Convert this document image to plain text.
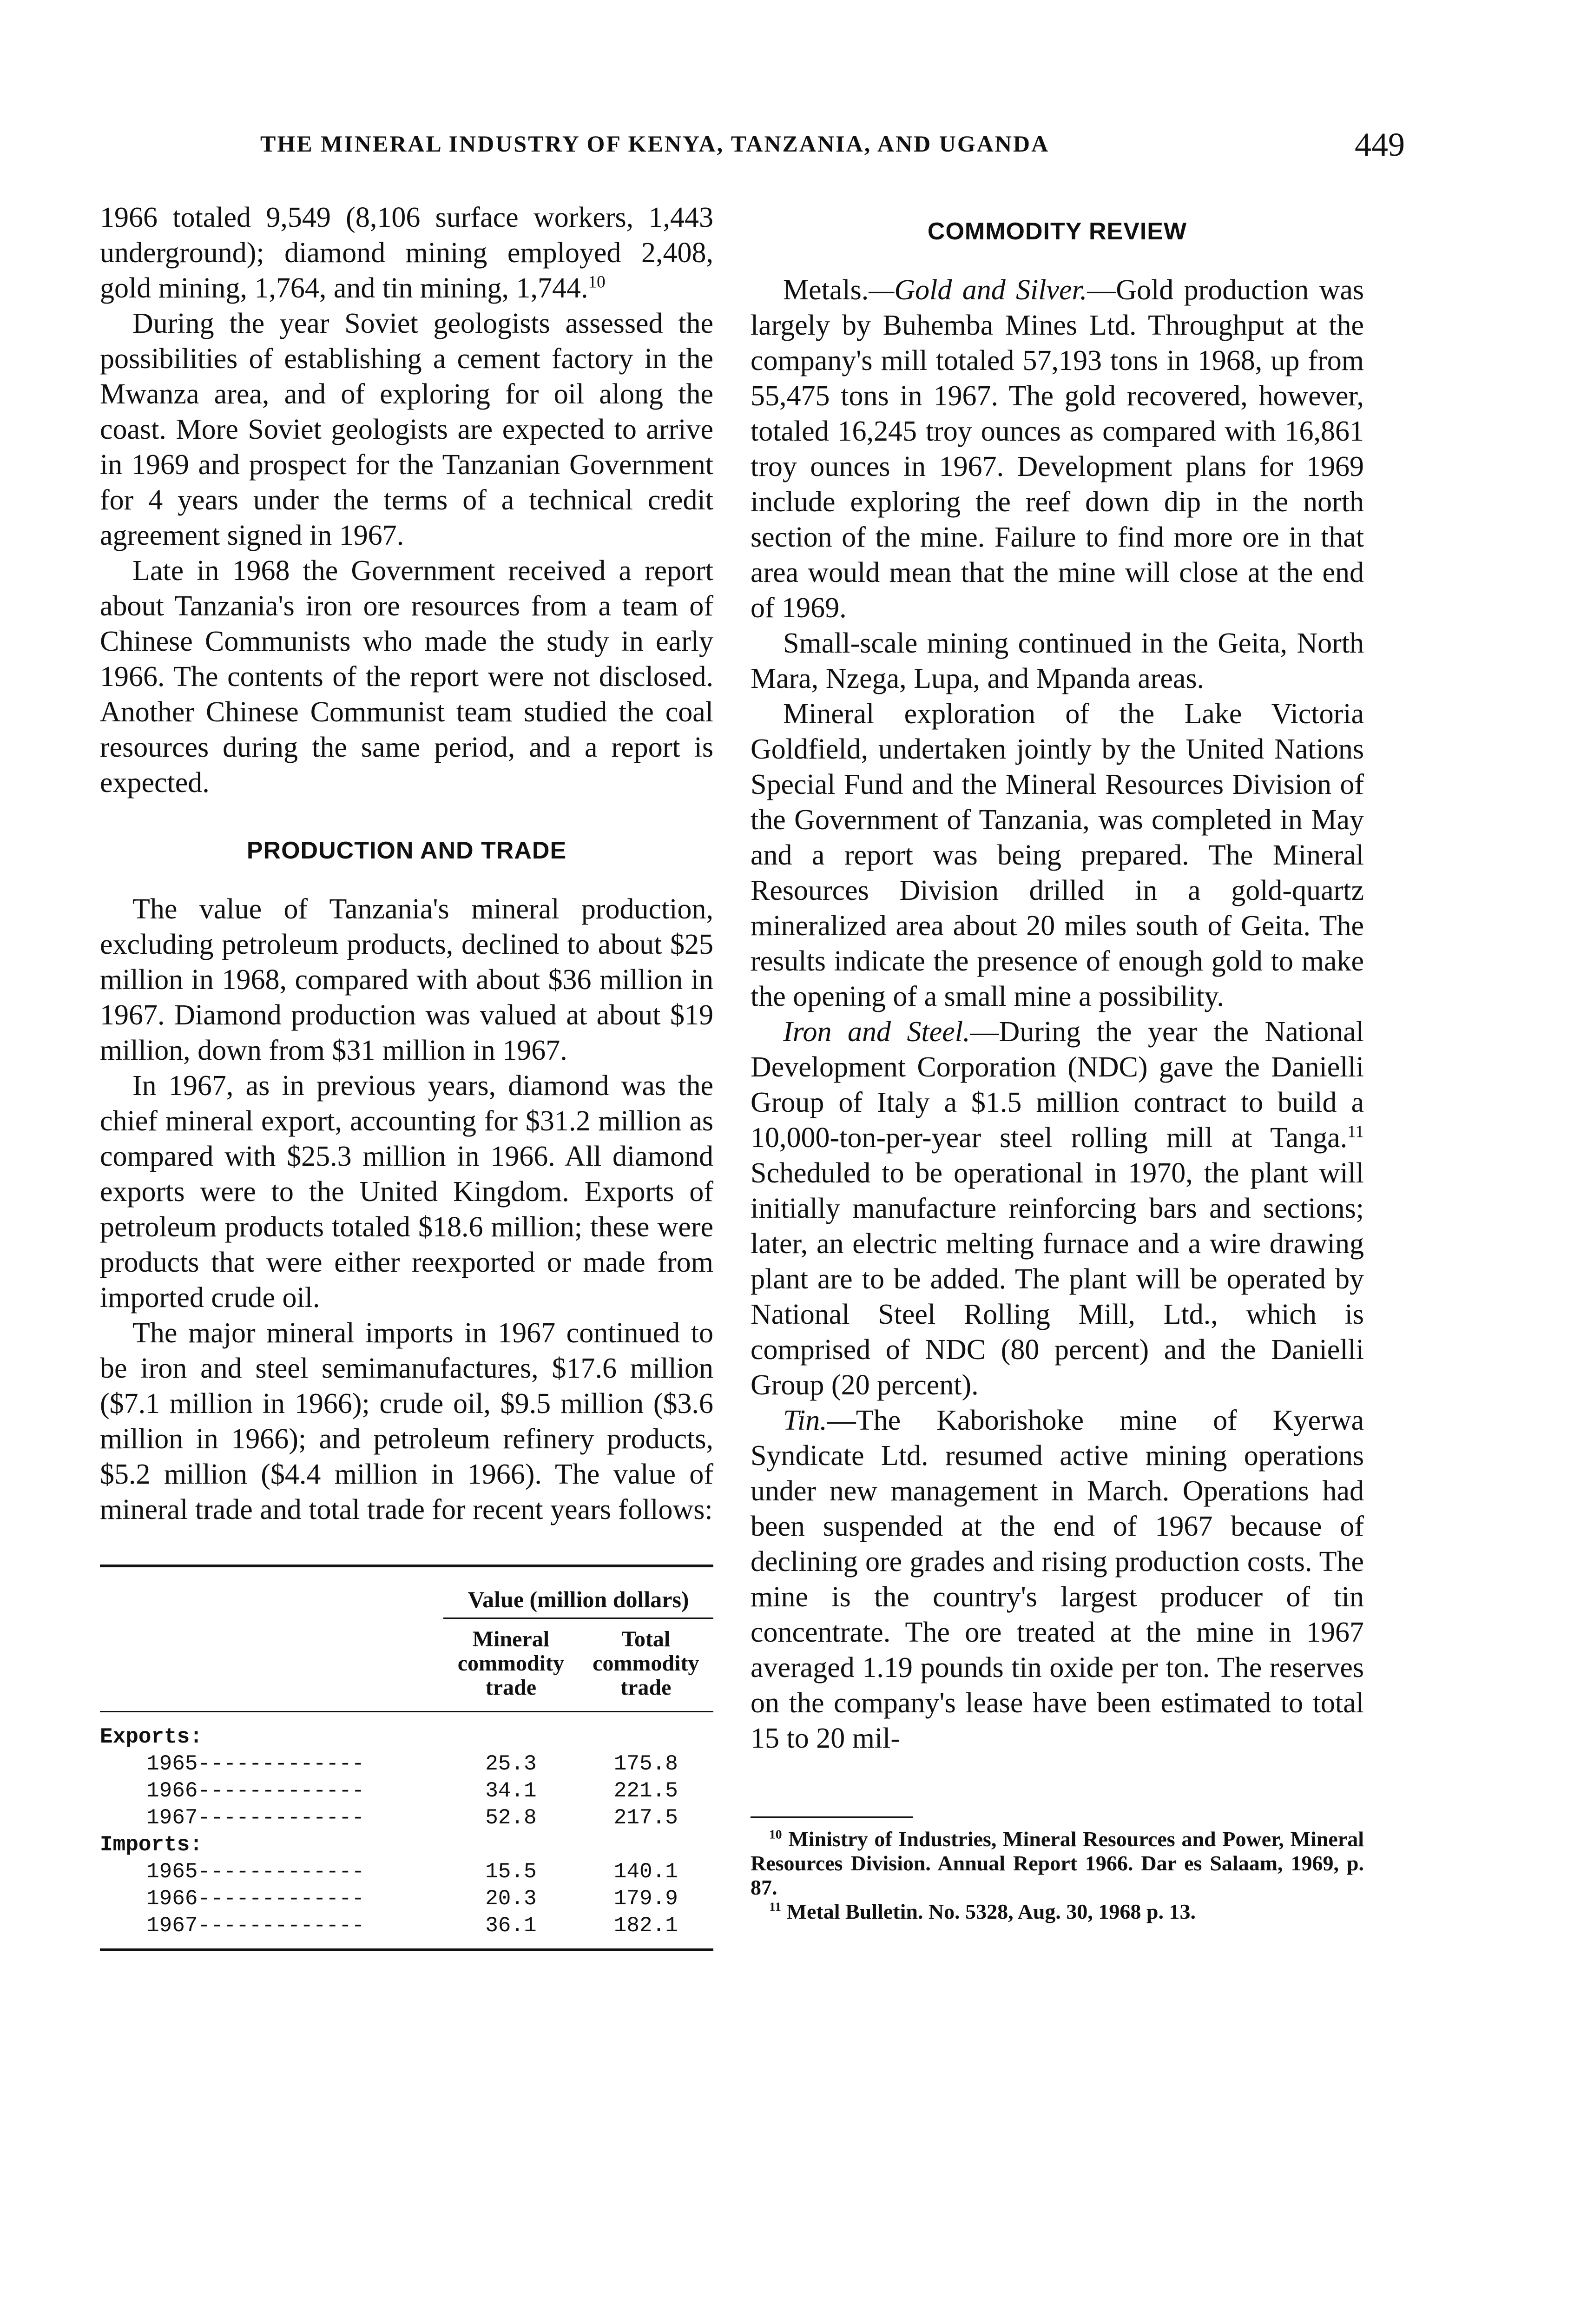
THE MINERAL INDUSTRY OF KENYA, TANZANIA, AND UGANDA	449

1966 totaled 9,549 (8,106 surface workers, 1,443 underground); diamond mining employed 2,408, gold mining, 1,764, and tin mining, 1,744.10

During the year Soviet geologists assessed the possibilities of establishing a cement factory in the Mwanza area, and of exploring for oil along the coast. More Soviet geologists are expected to arrive in 1969 and prospect for the Tanzanian Government for 4 years under the terms of a technical credit agreement signed in 1967.

Late in 1968 the Government received a report about Tanzania's iron ore resources from a team of Chinese Communists who made the study in early 1966. The contents of the report were not disclosed. Another Chinese Communist team studied the coal resources during the same period, and a report is expected.

PRODUCTION AND TRADE

The value of Tanzania's mineral production, excluding petroleum products, declined to about $25 million in 1968, compared with about $36 million in 1967. Diamond production was valued at about $19 million, down from $31 million in 1967.

In 1967, as in previous years, diamond was the chief mineral export, accounting for $31.2 million as compared with $25.3 million in 1966. All diamond exports were to the United Kingdom. Exports of petroleum products totaled $18.6 million; these were products that were either reexported or made from imported crude oil.

The major mineral imports in 1967 continued to be iron and steel semimanufactures, $17.6 million ($7.1 million in 1966); crude oil, $9.5 million ($3.6 million in 1966); and petroleum refinery products, $5.2 million ($4.4 million in 1966). The value of mineral trade and total trade for recent years follows:

	Value (million dollars)	
	Mineral commodity trade	Total commodity trade
Exports:		
1965-------------	25.3	175.8
1966-------------	34.1	221.5
1967-------------	52.8	217.5
Imports:		
1965-------------	15.5	140.1
1966-------------	20.3	179.9
1967-------------	36.1	182.1

COMMODITY REVIEW

Metals.—Gold and Silver.—Gold production was largely by Buhemba Mines Ltd. Throughput at the company's mill totaled 57,193 tons in 1968, up from 55,475 tons in 1967. The gold recovered, however, totaled 16,245 troy ounces as compared with 16,861 troy ounces in 1967. Development plans for 1969 include exploring the reef down dip in the north section of the mine. Failure to find more ore in that area would mean that the mine will close at the end of 1969.

Small-scale mining continued in the Geita, North Mara, Nzega, Lupa, and Mpanda areas.

Mineral exploration of the Lake Victoria Goldfield, undertaken jointly by the United Nations Special Fund and the Mineral Resources Division of the Government of Tanzania, was completed in May and a report was being prepared. The Mineral Resources Division drilled in a gold-quartz mineralized area about 20 miles south of Geita. The results indicate the presence of enough gold to make the opening of a small mine a possibility.

Iron and Steel.—During the year the National Development Corporation (NDC) gave the Danielli Group of Italy a $1.5 million contract to build a 10,000-ton-per-year steel rolling mill at Tanga.$^{11}$ Scheduled to be operational in 1970, the plant will initially manufacture reinforcing bars and sections; later, an electric melting furnace and a wire drawing plant are to be added. The plant will be operated by National Steel Rolling Mill, Ltd., which is comprised of NDC (80 percent) and the Danielli Group (20 percent).

Tin.—The Kaborishoke mine of Kyerwa Syndicate Ltd. resumed active mining operations under new management in March. Operations had been suspended at the end of 1967 because of declining ore grades and rising production costs. The mine is the country's largest producer of tin concentrate. The ore treated at the mine in 1967 averaged 1.19 pounds tin oxide per ton. The reserves on the company's lease have been estimated to total 15 to 20 mil-

$^{10}$ Ministry of Industries, Mineral Resources and Power, Mineral Resources Division. Annual Report 1966. Dar es Salaam, 1969, p. 87.

$^{11}$ Metal Bulletin. No. 5328, Aug. 30, 1968 p. 13.
